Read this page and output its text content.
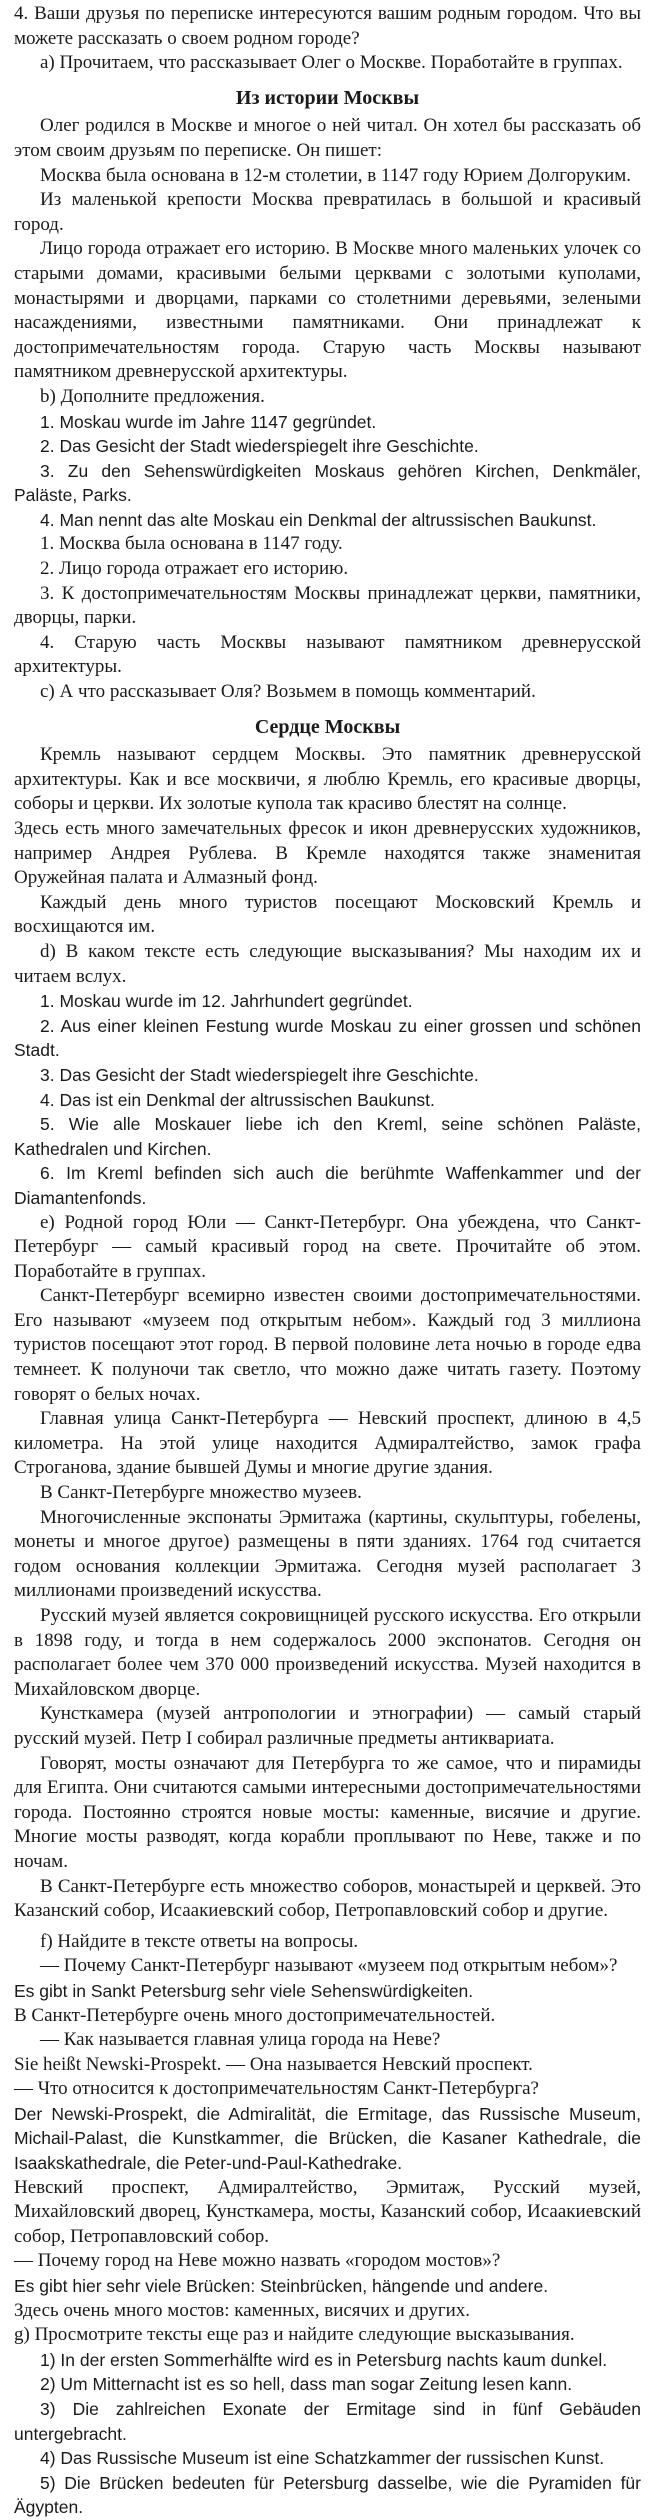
4. Ваши друзья по переписке интересуются вашим родным городом. Что вы можете рассказать о своем родном городе?

а) Прочитаем, что рассказывает Олег о Москве. Поработайте в группах.

Из истории Москвы

Олег родился в Москве и многое о ней читал. Он хотел бы рассказать об этом своим друзьям по переписке. Он пишет:

Москва была основана в 12-м столетии, в 1147 году Юрием Долгоруким.

Из маленькой крепости Москва превратилась в большой и красивый город.

Лицо города отражает его историю. В Москве много маленьких улочек со старыми домами, красивыми белыми церквами с золотыми куполами, монастырями и дворцами, парками со столетними деревьями, зелеными насаждениями, известными памятниками. Они принадлежат к достопримечательностям города. Старую часть Москвы называют памятником древнерусской архитектуры.

b) Дополните предложения.

1. Moskau wurde im Jahre 1147 gegründet.

2. Das Gesicht der Stadt wiederspiegelt ihre Geschichte.

3. Zu den Sehenswürdigkeiten Moskaus gehören Kirchen, Denkmäler, Paläste, Parks.

4. Man nennt das alte Moskau ein Denkmal der altrussischen Baukunst.

1. Москва была основана в 1147 году.

2. Лицо города отражает его историю.

3. К достопримечательностям Москвы принадлежат церкви, памятники, дворцы, парки.

4. Старую часть Москвы называют памятником древнерусской архитектуры.

с) А что рассказывает Оля? Возьмем в помощь комментарий.

Сердце Москвы

Кремль называют сердцем Москвы. Это памятник древнерусской архитектуры. Как и все москвичи, я люблю Кремль, его красивые дворцы, соборы и церкви. Их золотые купола так красиво блестят на солнце.

Здесь есть много замечательных фресок и икон древнерусских художников, например Андрея Рублева. В Кремле находятся также знаменитая Оружейная палата и Алмазный фонд.

Каждый день много туристов посещают Московский Кремль и восхищаются им.

d) В каком тексте есть следующие высказывания? Мы находим их и читаем вслух.

1. Moskau wurde im 12. Jahrhundert gegründet.

2. Aus einer kleinen Festung wurde Moskau zu einer grossen und schönen Stadt.

3. Das Gesicht der Stadt wiederspiegelt ihre Geschichte.

4. Das ist ein Denkmal der altrussischen Baukunst.

5. Wie alle Moskauer liebe ich den Kreml, seine schönen Paläste, Kathedralen und Kirchen.

6. Im Kreml befinden sich auch die berühmte Waffenkammer und der Diamantenfonds.

е) Родной город Юли — Санкт-Петербург. Она убеждена, что Санкт-Петербург — самый красивый город на свете. Прочитайте об этом. Поработайте в группах.

Санкт-Петербург всемирно известен своими достопримечательностями. Его называют «музеем под открытым небом». Каждый год 3 миллиона туристов посещают этот город. В первой половине лета ночью в городе едва темнеет. К полуночи так светло, что можно даже читать газету. Поэтому говорят о белых ночах.

Главная улица Санкт-Петербурга — Невский проспект, длиною в 4,5 километра. На этой улице находится Адмиралтейство, замок графа Строганова, здание бывшей Думы и многие другие здания.

В Санкт-Петербурге множество музеев.

Многочисленные экспонаты Эрмитажа (картины, скульптуры, гобелены, монеты и многое другое) размещены в пяти зданиях. 1764 год считается годом основания коллекции Эрмитажа. Сегодня музей располагает 3 миллионами произведений искусства.

Русский музей является сокровищницей русского искусства. Его открыли в 1898 году, и тогда в нем содержалось 2000 экспонатов. Сегодня он располагает более чем 370 000 произведений искусства. Музей находится в Михайловском дворце.

Кунсткамера (музей антропологии и этнографии) — самый старый русский музей. Петр I собирал различные предметы антиквариата.

Говорят, мосты означают для Петербурга то же самое, что и пирамиды для Египта. Они считаются самыми интересными достопримечательностями города. Постоянно строятся новые мосты: каменные, висячие и другие. Многие мосты разводят, когда корабли проплывают по Неве, также и по ночам.

В Санкт-Петербурге есть множество соборов, монастырей и церквей. Это Казанский собор, Исаакиевский собор, Петропавловский собор и другие.

f) Найдите в тексте ответы на вопросы.

— Почему Санкт-Петербург называют «музеем под открытым небом»?

Es gibt in Sankt Petersburg sehr viele Sehenswürdigkeiten.

В Санкт-Петербурге очень много достопримечательностей.

— Как называется главная улица города на Неве?

Sie heißt Newski-Prospekt. — Она называется Невский проспект.

— Что относится к достопримечательностям Санкт-Петербурга?

Der Newski-Prospekt, die Admiralität, die Ermitage, das Russische Museum, Michail-Palast, die Kunstkammer, die Brücken, die Kasaner Kathedrale, die Isaakskathedrale, die Peter-und-Paul-Kathedrake.

Невский проспект, Адмиралтейство, Эрмитаж, Русский музей, Михайловский дворец, Кунсткамера, мосты, Казанский собор, Исаакиевский собор, Петропавловский собор.

— Почему город на Неве можно назвать «городом мостов»?

Es gibt hier sehr viele Brücken: Steinbrücken, hängende und andere.

Здесь очень много мостов: каменных, висячих и других.

g) Просмотрите тексты еще раз и найдите следующие высказывания.

1) In der ersten Sommerhälfte wird es in Petersburg nachts kaum dunkel.

2) Um Mitternacht ist es so hell, dass man sogar Zeitung lesen kann.

3) Die zahlreichen Exonate der Ermitage sind in fünf Gebäuden untergebracht.

4) Das Russische Museum ist eine Schatzkammer der russischen Kunst.

5) Die Brücken bedeuten für Petersburg dasselbe, wie die Pyramiden für Ägypten.
